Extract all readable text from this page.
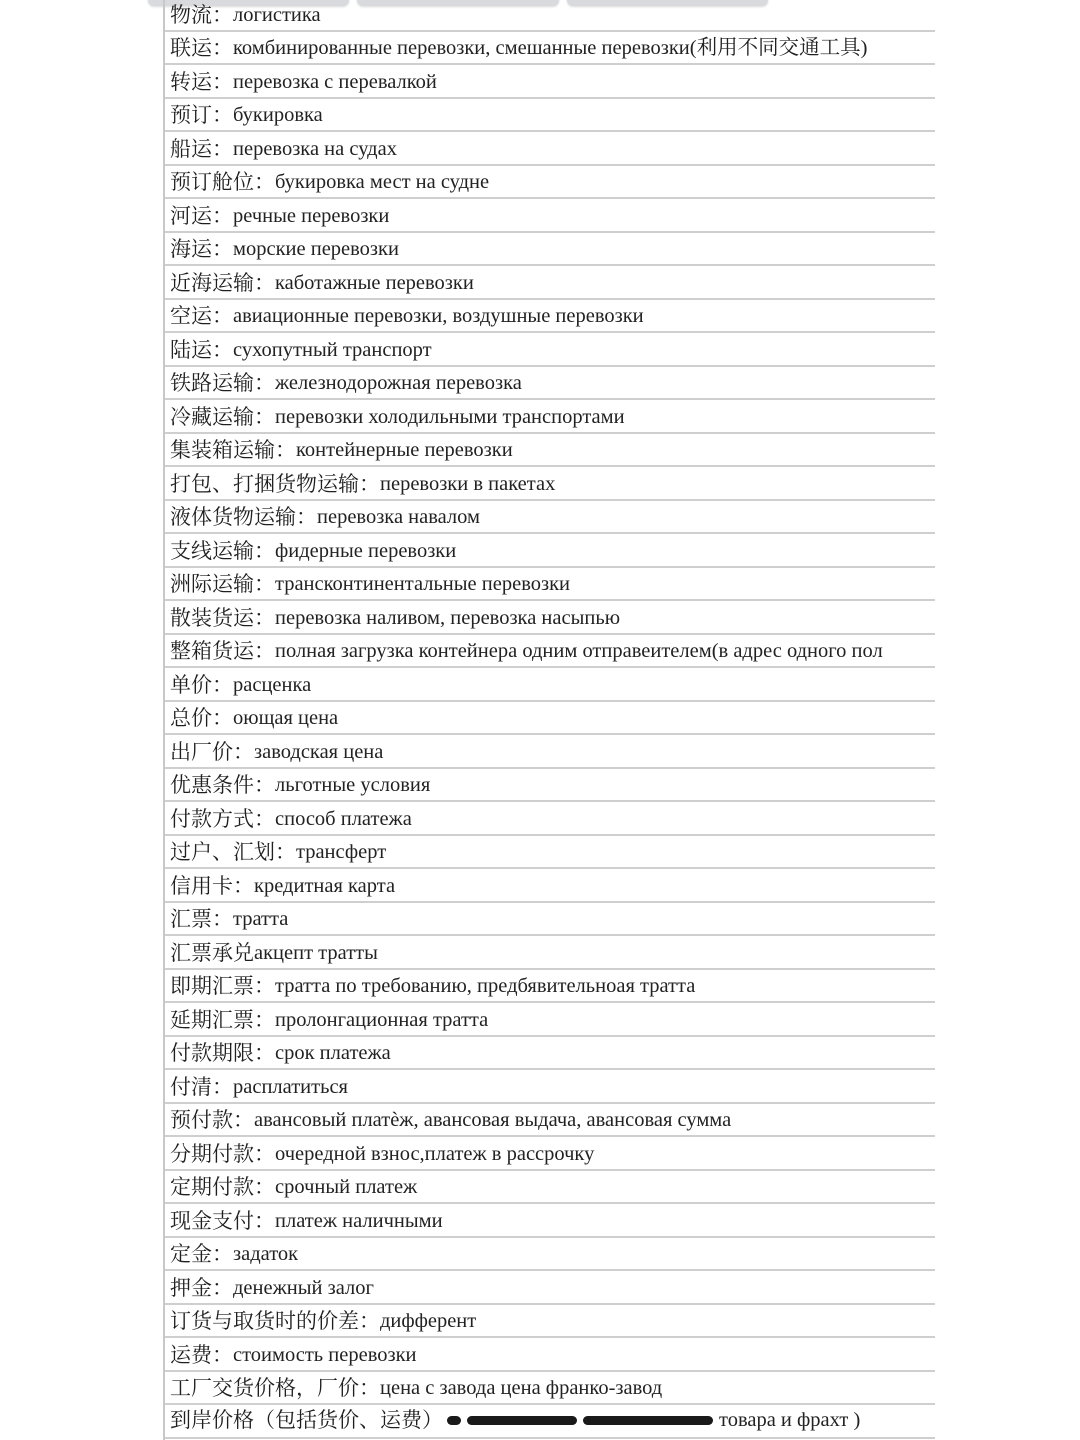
物流： логистика
联运： комбинированные перевозки, смешанные перевозки(利用不同交通工具)
转运： перевозка с перевалкой
预订： букировка
船运： перевозка на судах
预订舱位： букировка мест на судне
河运： речные перевозки
海运： морские перевозки
近海运输： каботажные перевозки
空运： авиационные перевозки, воздушные перевозки
陆运： сухопутный транспорт
铁路运输： железнодорожная перевозка
冷藏运输： перевозки холодильными транспортами
集装箱运输： контейнерные перевозки
打包、打捆货物运输： перевозки в пакетах
液体货物运输： перевозка навалом
支线运输： фидерные перевозки
洲际运输： трансконтинентальные перевозки
散装货运： перевозка наливом, перевозка насыпью
整箱货运： полная загрузка контейнера одним отправеителем(в адрес одного пол
单价： расценка
总价： оющая цена
出厂价： заводская цена
优惠条件： льготные условия
付款方式： способ платежа
过户、汇划： трансферт
信用卡： кредитная карта
汇票： тратта
汇票承兑 акцепт тратты
即期汇票： тратта по требованию, предбявительноая тратта
延期汇票： пролонгационная тратта
付款期限： срок платежа
付清： расплатиться
预付款： авансовый платѐж, авансовая выдача, авансовая сумма
分期付款： очередной взнос,платеж в рассрочку
定期付款： срочный платеж
现金支付： платеж наличными
定金： задаток
押金： денежный залог
订货与取货时的价差： дифферент
运费： стоимость перевозки
工厂交货价格，厂价： цена с завода цена франко-завод
到岸价格（包括货价、运费）	товара и фрахт )
